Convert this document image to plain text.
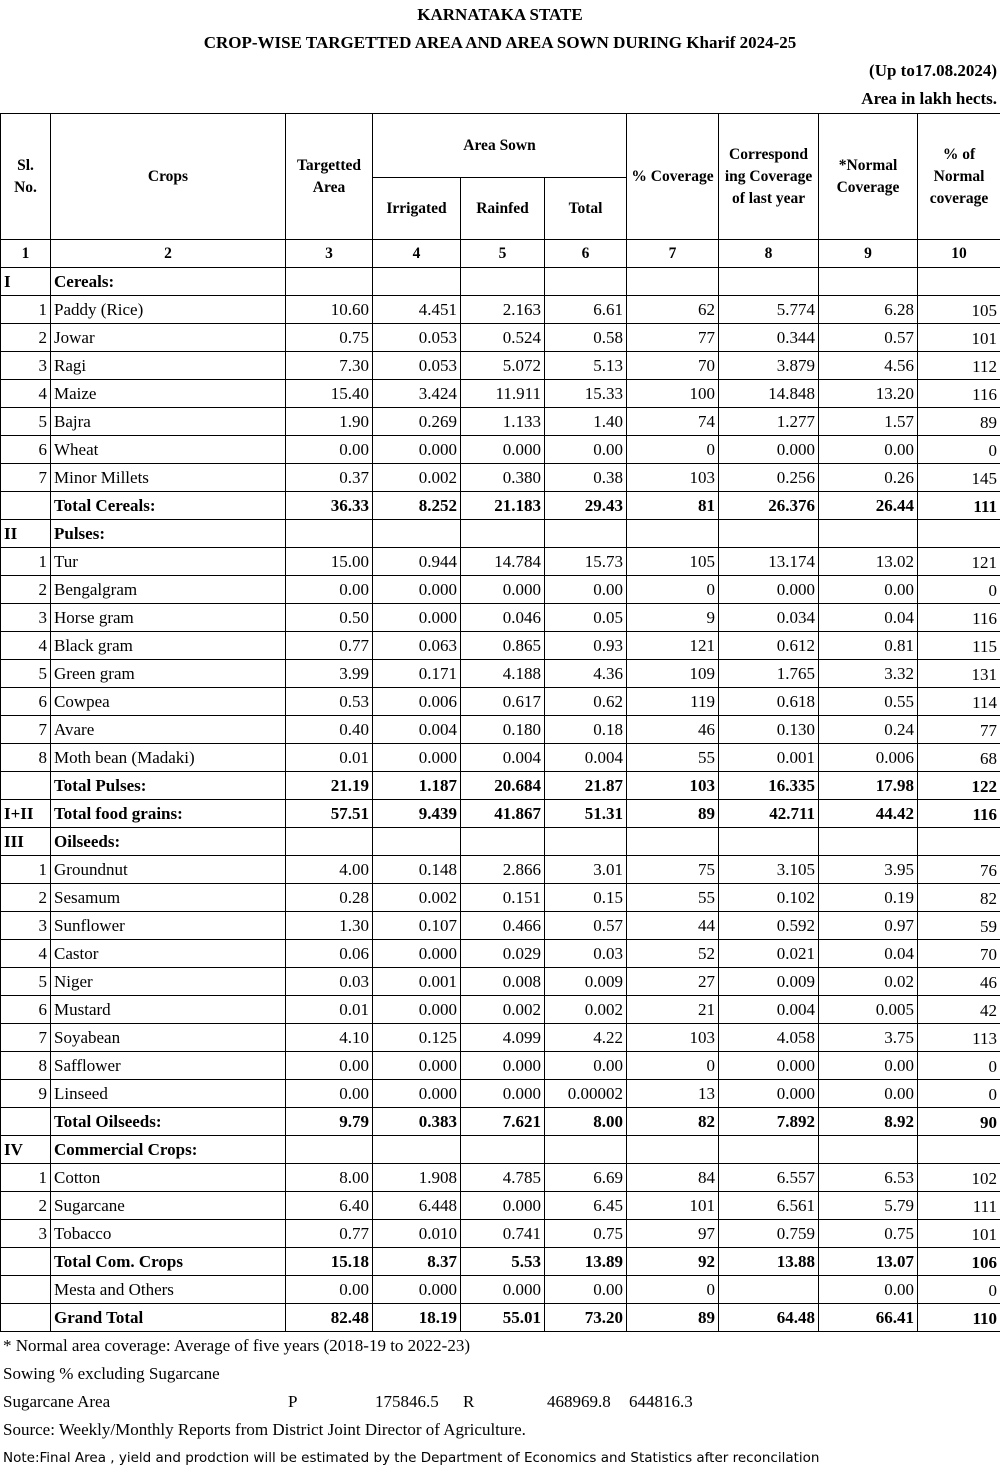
KARNATAKA STATE
CROP-WISE TARGETTED AREA AND AREA SOWN DURING Kharif 2024-25
(Up to17.08.2024)
Area in lakh hects.
Sl. No.	Crops	Targetted Area	Area Sown			% Coverage	Correspond ing Coverage of last year	*Normal Coverage	% of Normal coverage
			Irrigated	Rainfed	Total				
1	2	3	4	5	6	7	8	9	10
I	Cereals:								
1	Paddy (Rice)	10.60	4.451	2.163	6.61	62	5.774	6.28	105
2	Jowar	0.75	0.053	0.524	0.58	77	0.344	0.57	101
3	Ragi	7.30	0.053	5.072	5.13	70	3.879	4.56	112
4	Maize	15.40	3.424	11.911	15.33	100	14.848	13.20	116
5	Bajra	1.90	0.269	1.133	1.40	74	1.277	1.57	89
6	Wheat	0.00	0.000	0.000	0.00	0	0.000	0.00	0
7	Minor Millets	0.37	0.002	0.380	0.38	103	0.256	0.26	145
	Total Cereals:	36.33	8.252	21.183	29.43	81	26.376	26.44	111
II	Pulses:								
1	Tur	15.00	0.944	14.784	15.73	105	13.174	13.02	121
2	Bengalgram	0.00	0.000	0.000	0.00	0	0.000	0.00	0
3	Horse gram	0.50	0.000	0.046	0.05	9	0.034	0.04	116
4	Black gram	0.77	0.063	0.865	0.93	121	0.612	0.81	115
5	Green gram	3.99	0.171	4.188	4.36	109	1.765	3.32	131
6	Cowpea	0.53	0.006	0.617	0.62	119	0.618	0.55	114
7	Avare	0.40	0.004	0.180	0.18	46	0.130	0.24	77
8	Moth bean (Madaki)	0.01	0.000	0.004	0.004	55	0.001	0.006	68
	Total Pulses:	21.19	1.187	20.684	21.87	103	16.335	17.98	122
I+II	Total food grains:	57.51	9.439	41.867	51.31	89	42.711	44.42	116
III	Oilseeds:								
1	Groundnut	4.00	0.148	2.866	3.01	75	3.105	3.95	76
2	Sesamum	0.28	0.002	0.151	0.15	55	0.102	0.19	82
3	Sunflower	1.30	0.107	0.466	0.57	44	0.592	0.97	59
4	Castor	0.06	0.000	0.029	0.03	52	0.021	0.04	70
5	Niger	0.03	0.001	0.008	0.009	27	0.009	0.02	46
6	Mustard	0.01	0.000	0.002	0.002	21	0.004	0.005	42
7	Soyabean	4.10	0.125	4.099	4.22	103	4.058	3.75	113
8	Safflower	0.00	0.000	0.000	0.00	0	0.000	0.00	0
9	Linseed	0.00	0.000	0.000	0.00002	13	0.000	0.00	0
	Total Oilseeds:	9.79	0.383	7.621	8.00	82	7.892	8.92	90
IV	Commercial Crops:								
1	Cotton	8.00	1.908	4.785	6.69	84	6.557	6.53	102
2	Sugarcane	6.40	6.448	0.000	6.45	101	6.561	5.79	111
3	Tobacco	0.77	0.010	0.741	0.75	97	0.759	0.75	101
	Total Com. Crops	15.18	8.37	5.53	13.89	92	13.88	13.07	106
	Mesta and Others	0.00	0.000	0.000	0.00	0		0.00	0
	Grand Total	82.48	18.19	55.01	73.20	89	64.48	66.41	110
* Normal area coverage: Average of five years (2018-19 to 2022-23)
Sowing % excluding Sugarcane
Sugarcane Area	P	175846.5	R	468969.8	644816.3
Source: Weekly/Monthly Reports from District Joint Director of Agriculture.
Note:Final Area , yield and prodction will be estimated by the Department of Economics and Statistics after reconcilation
